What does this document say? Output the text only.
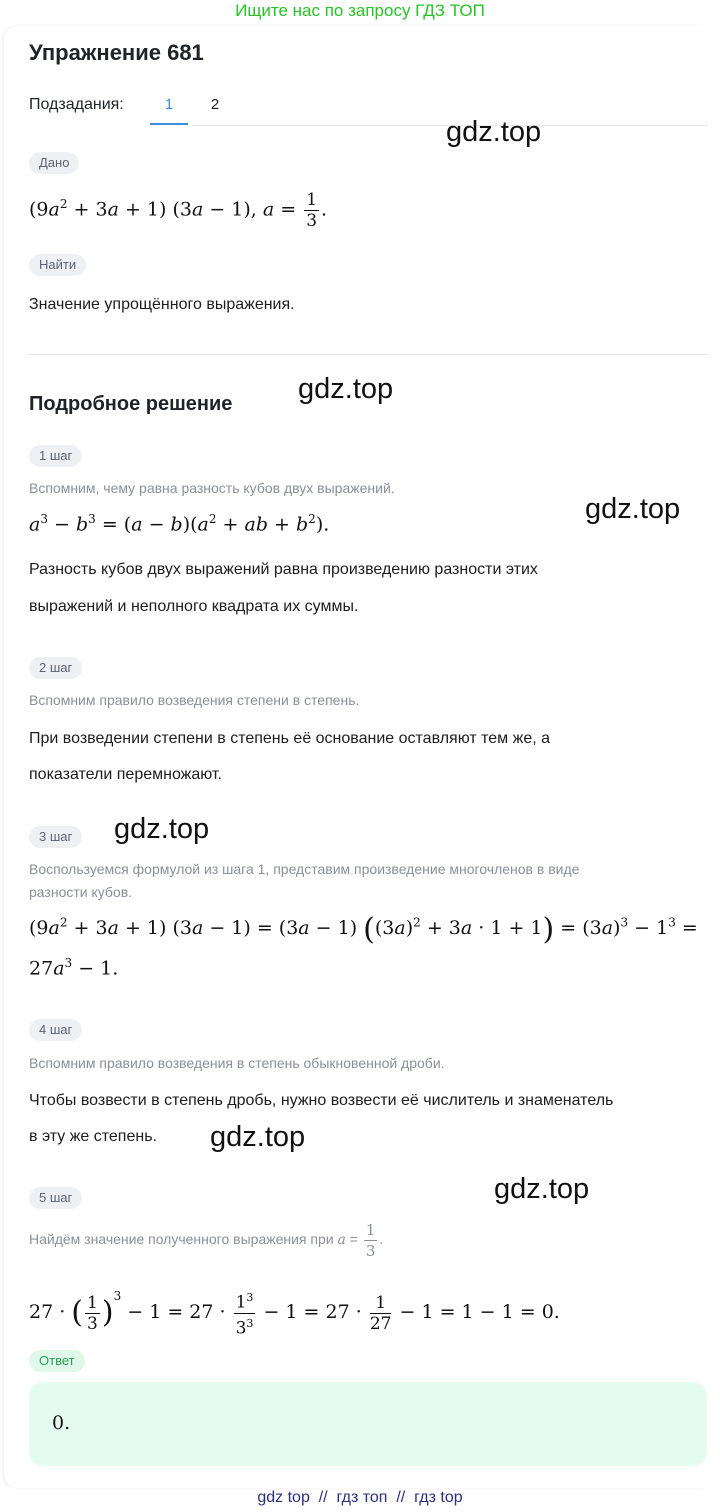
Ищите нас по запросу ГДЗ ТОП
Упражнение 681
Подзадания:	1	2
Дано
$(9a^2 + 3a + 1) (3a - 1)$, $a = \frac{1}{3}$ .
Найти
Значение упрощённого выражения.
Подробное решение
1 шаг
Вспомним, чему равна разность кубов двух выражений.
$a^3 - b^3 = (a - b)(a^2$ + ab + $b^2$).
Разность кубов двух выражений равна произведению разности этих
выражений и неполного квадрата их суммы.
2 шаг
Вспомним правило возведения степени в степень.
При возведении степени в степень её основание оставляют тем же, а
показатели перемножают.
3 шаг
Воспользуемся формулой из шага 1, представим произведение многочленов в виде
разности кубов.
$(9a^2 + 3a + 1) (3a - 1) = (3a - 1) ((3a)^2 + 3a \cdot 1 + 1) = (3a)^3 - 1^3$ =
$27a^3 - 1$.
4 шаг
Вспомним правило возведения в степень обыкновенной дроби.
Чтобы возвести в степень дробь, нужно возвести её числитель и знаменатель
в эту же степень.
5 шаг
Найдём значение полученного выражения при $a = \frac{1}{3}$ .
27 · ( $\frac{1}{3} )^3 - 1 = 27 \cdot \frac{1^3}{3^3} - 1 = 27 \cdot \frac{1}{27} - 1 = 1 - 1 = 0$.
Ответ
0.
gdz.top
gdz.top
gdz.top
gdz.top
gdz.top
gdz.top
gdz top // гдз топ // гдз top
